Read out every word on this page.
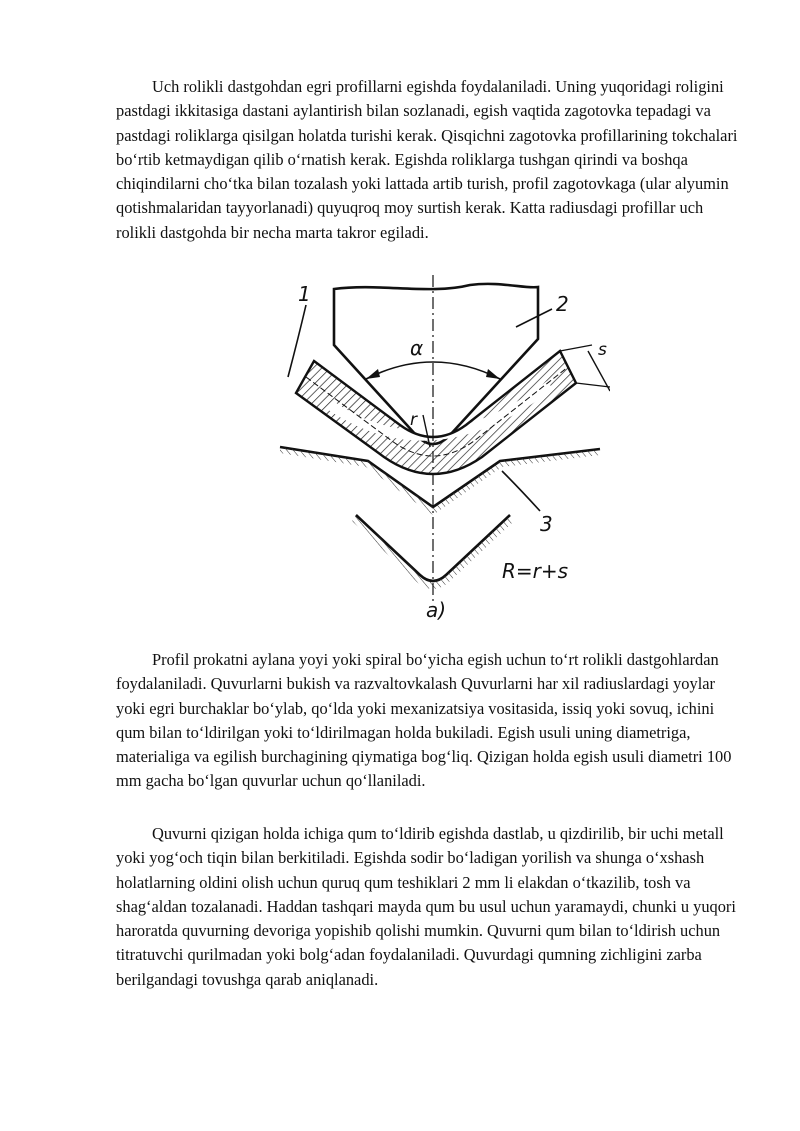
Uch rolikli dastgohdan egri profillarni egishda foydalaniladi. Uning yuqoridagi roligini pastdagi ikkitasiga dastani aylantirish bilan sozlanadi, egish vaqtida zagotovka tepadagi va pastdagi roliklarga qisilgan holatda turishi kerak. Qisqichni zagotovka profillarining tokchalari bo‘rtib ketmaydigan qilib o‘rnatish kerak. Egishda roliklarga tushgan qirindi va boshqa chiqindilarni cho‘tka bilan tozalash yoki lattada artib turish, profil zagotovkaga (ular alyumin qotishmalaridan tayyorlanadi) quyuqroq moy surtish kerak. Katta radiusdagi profillar uch rolikli dastgohda bir necha marta takror egiladi.

1	2
3
α
r
s
R=r+s
a)

Profil prokatni aylana yoyi yoki spiral bo‘yicha egish uchun to‘rt rolikli dastgohlardan foydalaniladi. Quvurlarni bukish va razvaltovkalash Quvurlarni har xil radiuslardagi yoylar yoki egri burchaklar bo‘ylab, qo‘lda yoki mexanizatsiya vositasida, issiq yoki sovuq, ichini qum bilan to‘ldirilgan yoki to‘ldirilmagan holda bukiladi. Egish usuli uning diametriga, materialiga va egilish burchagining qiymatiga bog‘liq. Qizigan holda egish usuli diametri 100 mm gacha bo‘lgan quvurlar uchun qo‘llaniladi.

Quvurni qizigan holda ichiga qum to‘ldirib egishda dastlab, u qizdirilib, bir uchi metall yoki yog‘och tiqin bilan berkitiladi. Egishda sodir bo‘ladigan yorilish va shunga o‘xshash holatlarning oldini olish uchun quruq qum teshiklari 2 mm li elakdan o‘tkazilib, tosh va shag‘aldan tozalanadi. Haddan tashqari mayda qum bu usul uchun yaramaydi, chunki u yuqori haroratda quvurning devoriga yopishib qolishi mumkin. Quvurni qum bilan to‘ldirish uchun titratuvchi qurilmadan yoki bolg‘adan foydalaniladi. Quvurdagi qumning zichligini zarba berilgandagi tovushga qarab aniqlanadi.
